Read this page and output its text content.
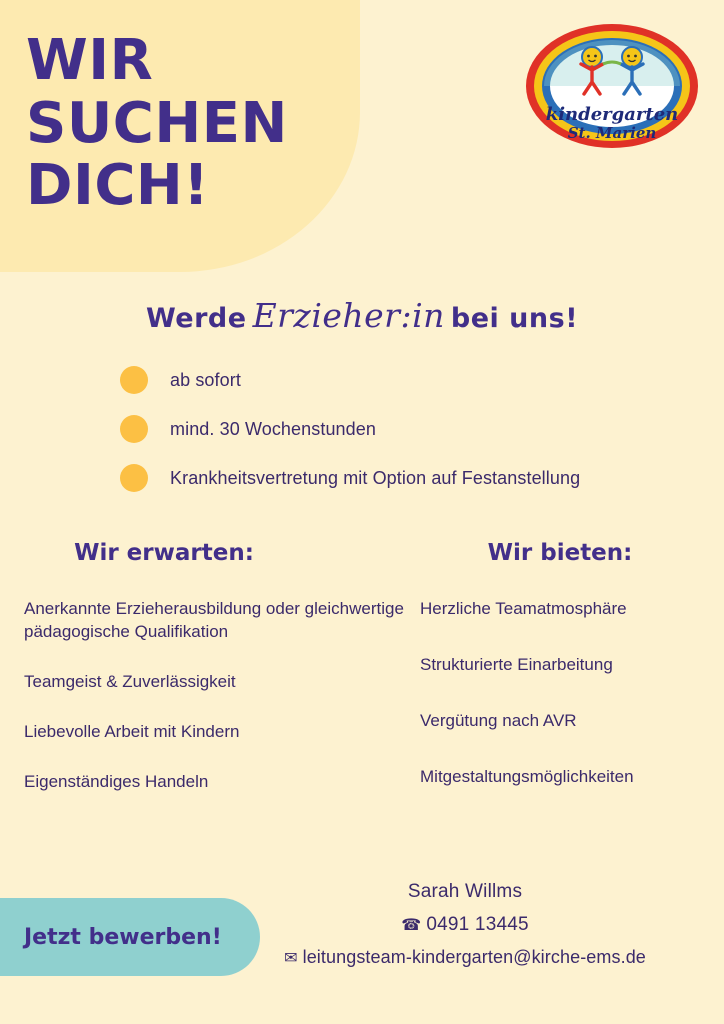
WIR
SUCHEN
DICH!
kindergarten
St. Marien
Werde Erzieher:in bei uns!
ab sofort
mind. 30 Wochenstunden
Krankheitsvertretung mit Option auf Festanstellung
Wir erwarten:
Anerkannte Erzieherausbildung oder gleichwertige pädagogische Qualifikation
Teamgeist & Zuverlässigkeit
Liebevolle Arbeit mit Kindern
Eigenständiges Handeln
Wir bieten:
Herzliche Teamatmosphäre
Strukturierte Einarbeitung
Vergütung nach AVR
Mitgestaltungsmöglichkeiten
Jetzt bewerben!
Sarah Willms
☎ 0491 13445
✉ leitungsteam-kindergarten@kirche-ems.de
